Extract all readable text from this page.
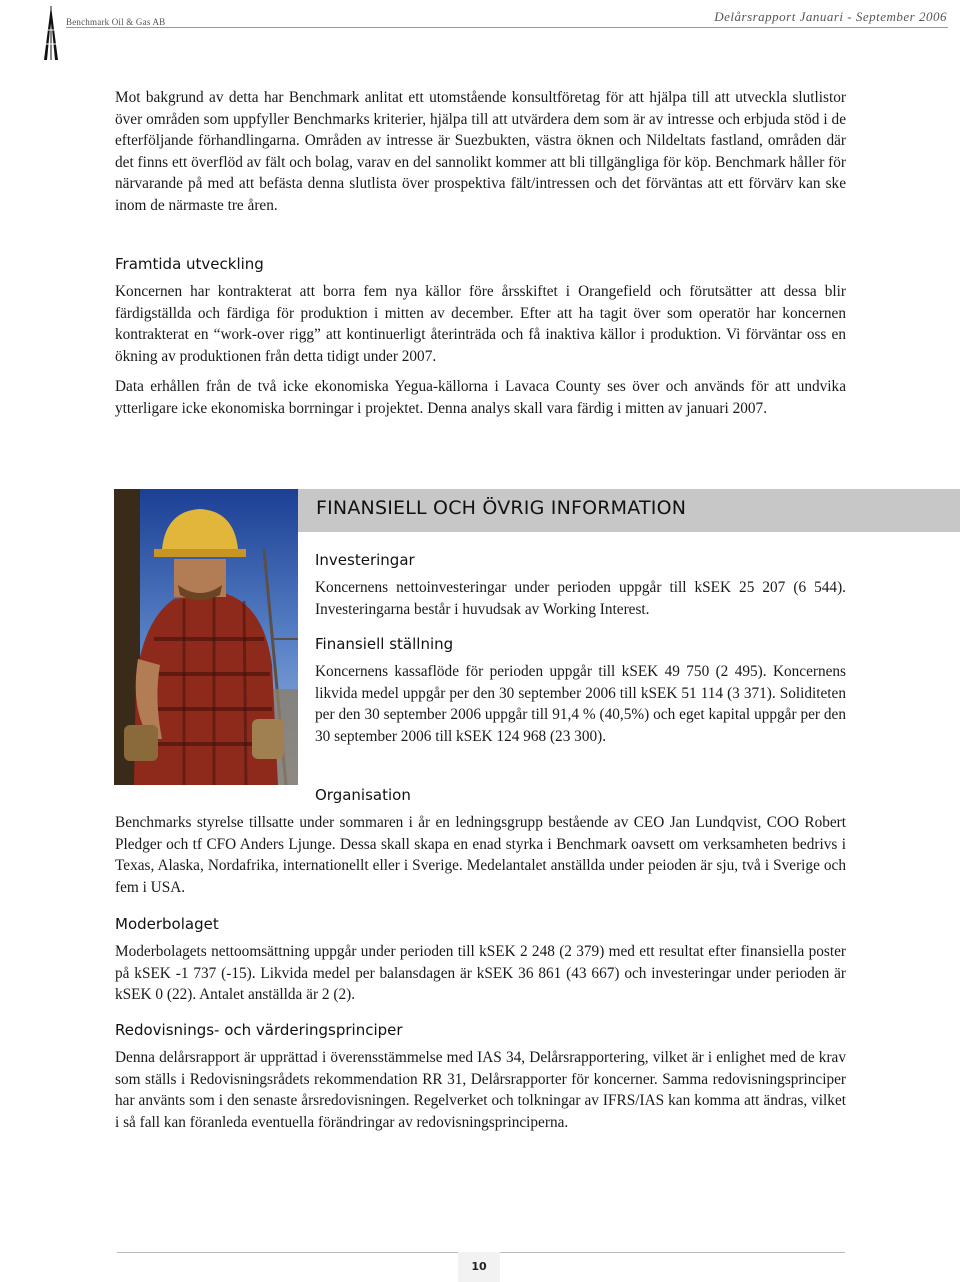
Benchmark Oil & Gas AB	Delårsrapport Januari - September 2006

Mot bakgrund av detta har Benchmark anlitat ett utomstående konsultföretag för att hjälpa till att utveckla slutlistor över områden som uppfyller Benchmarks kriterier, hjälpa till att utvärdera dem som är av intresse och erbjuda stöd i de efterföljande förhandlingarna. Områden av intresse är Suezbukten, västra öknen och Nildeltats fastland, områden där det finns ett överflöd av fält och bolag, varav en del sannolikt kommer att bli tillgängliga för köp. Benchmark håller för närvarande på med att befästa denna slutlista över prospektiva fält/intressen och det förväntas att ett förvärv kan ske inom de närmaste tre åren.

Framtida utveckling

Koncernen har kontrakterat att borra fem nya källor före årsskiftet i Orangefield och förutsätter att dessa blir färdigställda och färdiga för produktion i mitten av december. Efter att ha tagit över som operatör har koncernen kontrakterat en “work-over rigg” att kontinuerligt återinträda och få inaktiva källor i produktion. Vi förväntar oss en ökning av produktionen från detta tidigt under 2007.

Data erhållen från de två icke ekonomiska Yegua-källorna i Lavaca County ses över och används för att undvika ytterligare icke ekonomiska borrningar i projektet. Denna analys skall vara färdig i mitten av januari 2007.

FINANSIELL OCH ÖVRIG INFORMATION
Investeringar

Koncernens nettoinvesteringar under perioden uppgår till kSEK 25 207 (6 544). Investeringarna består i huvudsak av Working Interest.

Finansiell ställning

Koncernens kassaflöde för perioden uppgår till kSEK 49 750 (2 495). Koncernens likvida medel uppgår per den 30 september 2006 till kSEK 51 114 (3 371). Soliditeten per den 30 september 2006 uppgår till 91,4 % (40,5%) och eget kapital uppgår per den 30 september 2006 till kSEK 124 968 (23 300).

Organisation

Benchmarks styrelse tillsatte under sommaren i år en ledningsgrupp bestående av CEO Jan Lundqvist, COO Robert Pledger och tf CFO Anders Ljunge. Dessa skall skapa en enad styrka i Benchmark oavsett om verksamheten bedrivs i Texas, Alaska, Nordafrika, internationellt eller i Sverige. Medelantalet anställda under peioden är sju, två i Sverige och fem i USA.

Moderbolaget

Moderbolagets nettoomsättning uppgår under perioden till kSEK 2 248 (2 379) med ett resultat efter finansiella poster på kSEK -1 737 (-15). Likvida medel per balansdagen är kSEK 36 861 (43 667) och investeringar under perioden är kSEK 0 (22). Antalet anställda är 2 (2).

Redovisnings- och värderingsprinciper

Denna delårsrapport är upprättad i överensstämmelse med IAS 34, Delårsrapportering, vilket är i enlighet med de krav som ställs i Redovisningsrådets rekommendation RR 31, Delårsrapporter för koncerner. Samma redovisningsprinciper har använts som i den senaste årsredovisningen. Regelverket och tolkningar av IFRS/IAS kan komma att ändras, vilket i så fall kan föranleda eventuella förändringar av redovisningsprinciperna.

10
